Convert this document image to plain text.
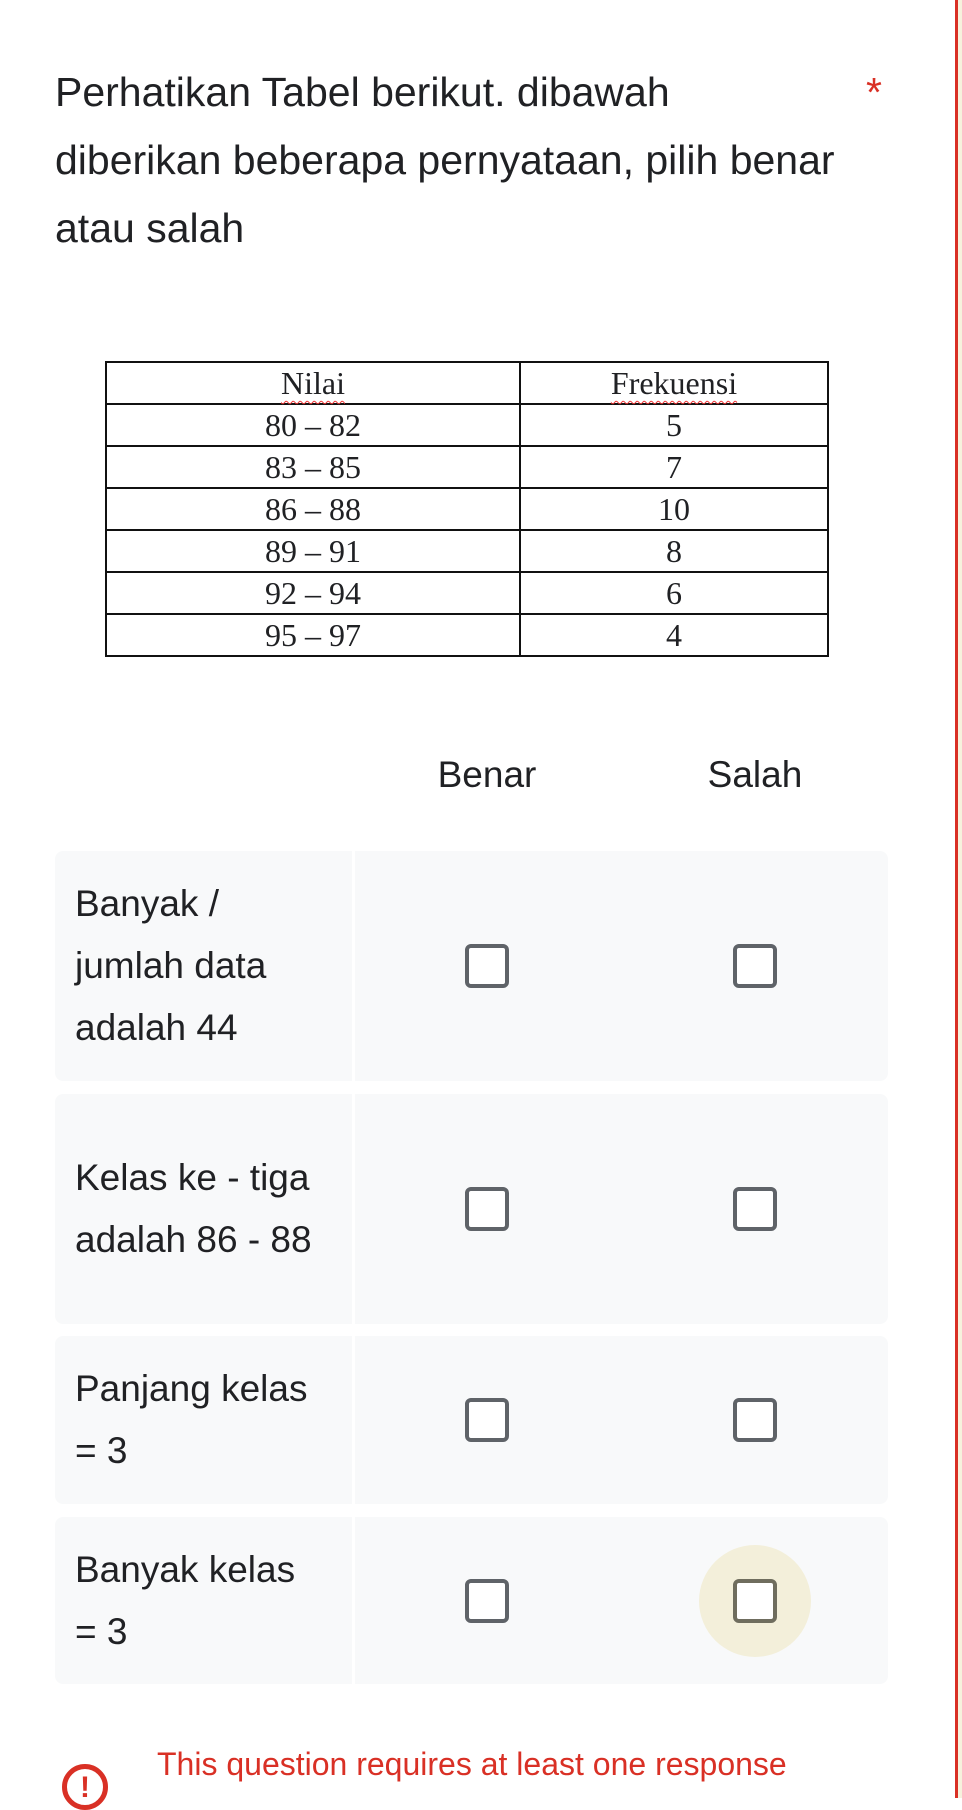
Perhatikan Tabel berikut. dibawah diberikan beberapa pernyataan, pilih benar atau salah
*
Nilai	Frekuensi
80 – 82	5
83 – 85	7
86 – 88	10
89 – 91	8
92 – 94	6
95 – 97	4
Benar	Salah
Banyak / jumlah data adalah 44
Kelas ke - tiga adalah 86 - 88
Panjang kelas = 3
Banyak kelas = 3
!
This question requires at least one response
